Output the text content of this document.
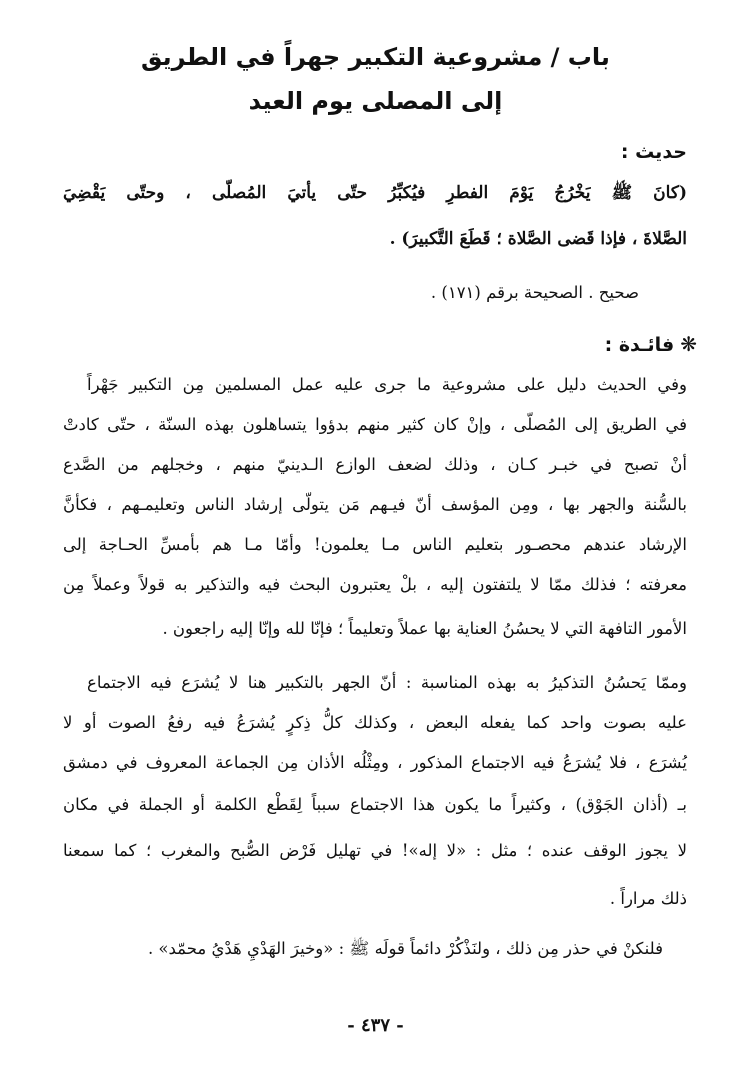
باب / مشروعية التكبير جهراً في الطريق
إلى المصلى يوم العيد
حديث :
(كانَ ﷺ يَخْرُجُ يَوْمَ الفطرِ فيُكبِّرُ حتّى يأتيَ المُصلّى ، وحتّى يَقْضِيَ
الصَّلاةَ ، فإذا قَضى الصَّلاة ؛ قَطَعَ التَّكبيرَ) .
صحيح . الصحيحة برقم (١٧١) .
❋فائـدة :
وفي الحديث دليل على مشروعية ما جرى عليه عمل المسلمين مِن التكبير جَهْراً
في الطريق إلى المُصلّى ، وإنْ كان كثير منهم بدؤوا يتساهلون بهذه السنّة ، حتّى كادتْ
أنْ تصبح في خبـر كـان ، وذلك لضعف الوازع الـدينيّ منهم ، وخجلهم من الصَّدع
بالسُّنة والجهر بها ، ومِن المؤسف أنّ فيـهم مَن يتولّى إرشاد الناس وتعليمـهم ، فكأنَّ
الإرشاد عندهم محصـور بتعليم الناس مـا يعلمون! وأمّا مـا هم بأمسِّ الحـاجة إلى
معرفته ؛ فذلك ممّا لا يلتفتون إليه ، بلْ يعتبرون البحث فيه والتذكير به قولاً وعملاً مِن
الأمور التافهة التي لا يحسُنُ العناية بها عملاً وتعليماً ؛ فإنّا لله وإنّا إليه راجعون .
وممّا يَحسُنُ التذكيرُ به بهذه المناسبة : أنّ الجهر بالتكبير هنا لا يُشرَع فيه الاجتماع
عليه بصوت واحد كما يفعله البعض ، وكذلك كلُّ ذِكرٍ يُشرَعُ فيه رفعُ الصوت أو لا
يُشرَع ، فلا يُشرَعُ فيه الاجتماع المذكور ، ومِثْلُه الأذان مِن الجماعة المعروف في دمشق
بـ (أذان الجَوْق) ، وكثيراً ما يكون هذا الاجتماع سبباً لِقَطْع الكلمة أو الجملة في مكان
لا يجوز الوقف عنده ؛ مثل : «لا إله»! في تهليل فَرْض الصُّبح والمغرب ؛ كما سمعنا
ذلك مراراً .
فلنكنْ في حذر مِن ذلك ، ولنَذْكُرْ دائماً قولَه ﷺ : «وخيرَ الهَدْيِ هَدْيُ محمّد» .
- ٤٣٧ -
